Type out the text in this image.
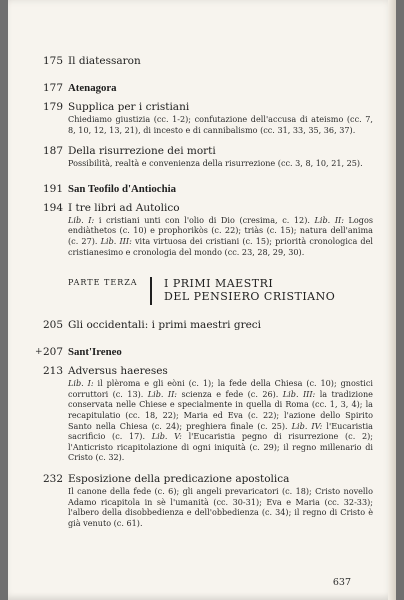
175 Il diatessaron
177 Atenagora
179 Supplica per i cristiani
Chiediamo giustizia (cc. 1-2); confutazione dell'accusa di ateismo (cc. 7, 8, 10, 12, 13, 21), di incesto e di cannibalismo (cc. 31, 33, 35, 36, 37).
187 Della risurrezione dei morti
Possibilità, realtà e convenienza della risurrezione (cc. 3, 8, 10, 21, 25).
191 San Teofilo d'Antiochia
194 I tre libri ad Autolico
Lib. I: i cristiani unti con l'olio di Dio (cresima, c. 12). Lib. II: Logos endiàthetos (c. 10) e prophorikòs (c. 22); triàs (c. 15); natura dell'anima (c. 27). Lib. III: vita virtuosa dei cristiani (c. 15); priorità cronologica del cristianesimo e cronologia del mondo (cc. 23, 28, 29, 30).
PARTE TERZA	I PRIMI MAESTRI
DEL PENSIERO CRISTIANO
205 Gli occidentali: i primi maestri greci
+ 207 Sant'Ireneo
213 Adversus haereses
Lib. I: il plèroma e gli eòni (c. 1); la fede della Chiesa (c. 10); gnostici corruttori (c. 13). Lib. II: scienza e fede (c. 26). Lib. III: la tradizione conservata nelle Chiese e specialmente in quella di Roma (cc. 1, 3, 4); la recapitulatio (cc. 18, 22); Maria ed Eva (c. 22); l'azione dello Spirito Santo nella Chiesa (c. 24); preghiera finale (c. 25). Lib. IV: l'Eucaristia sacrificio (c. 17). Lib. V: l'Eucaristia pegno di risurrezione (c. 2); l'Anticristo ricapitolazione di ogni iniquità (c. 29); il regno millenario di Cristo (c. 32).
232 Esposizione della predicazione apostolica
Il canone della fede (c. 6); gli angeli prevaricatori (c. 18); Cristo novello Adamo ricapitola in sè l'umanità (cc. 30-31); Eva e Maria (cc. 32-33); l'albero della disobbedienza e dell'obbedienza (c. 34); il regno di Cristo è già venuto (c. 61).
637
